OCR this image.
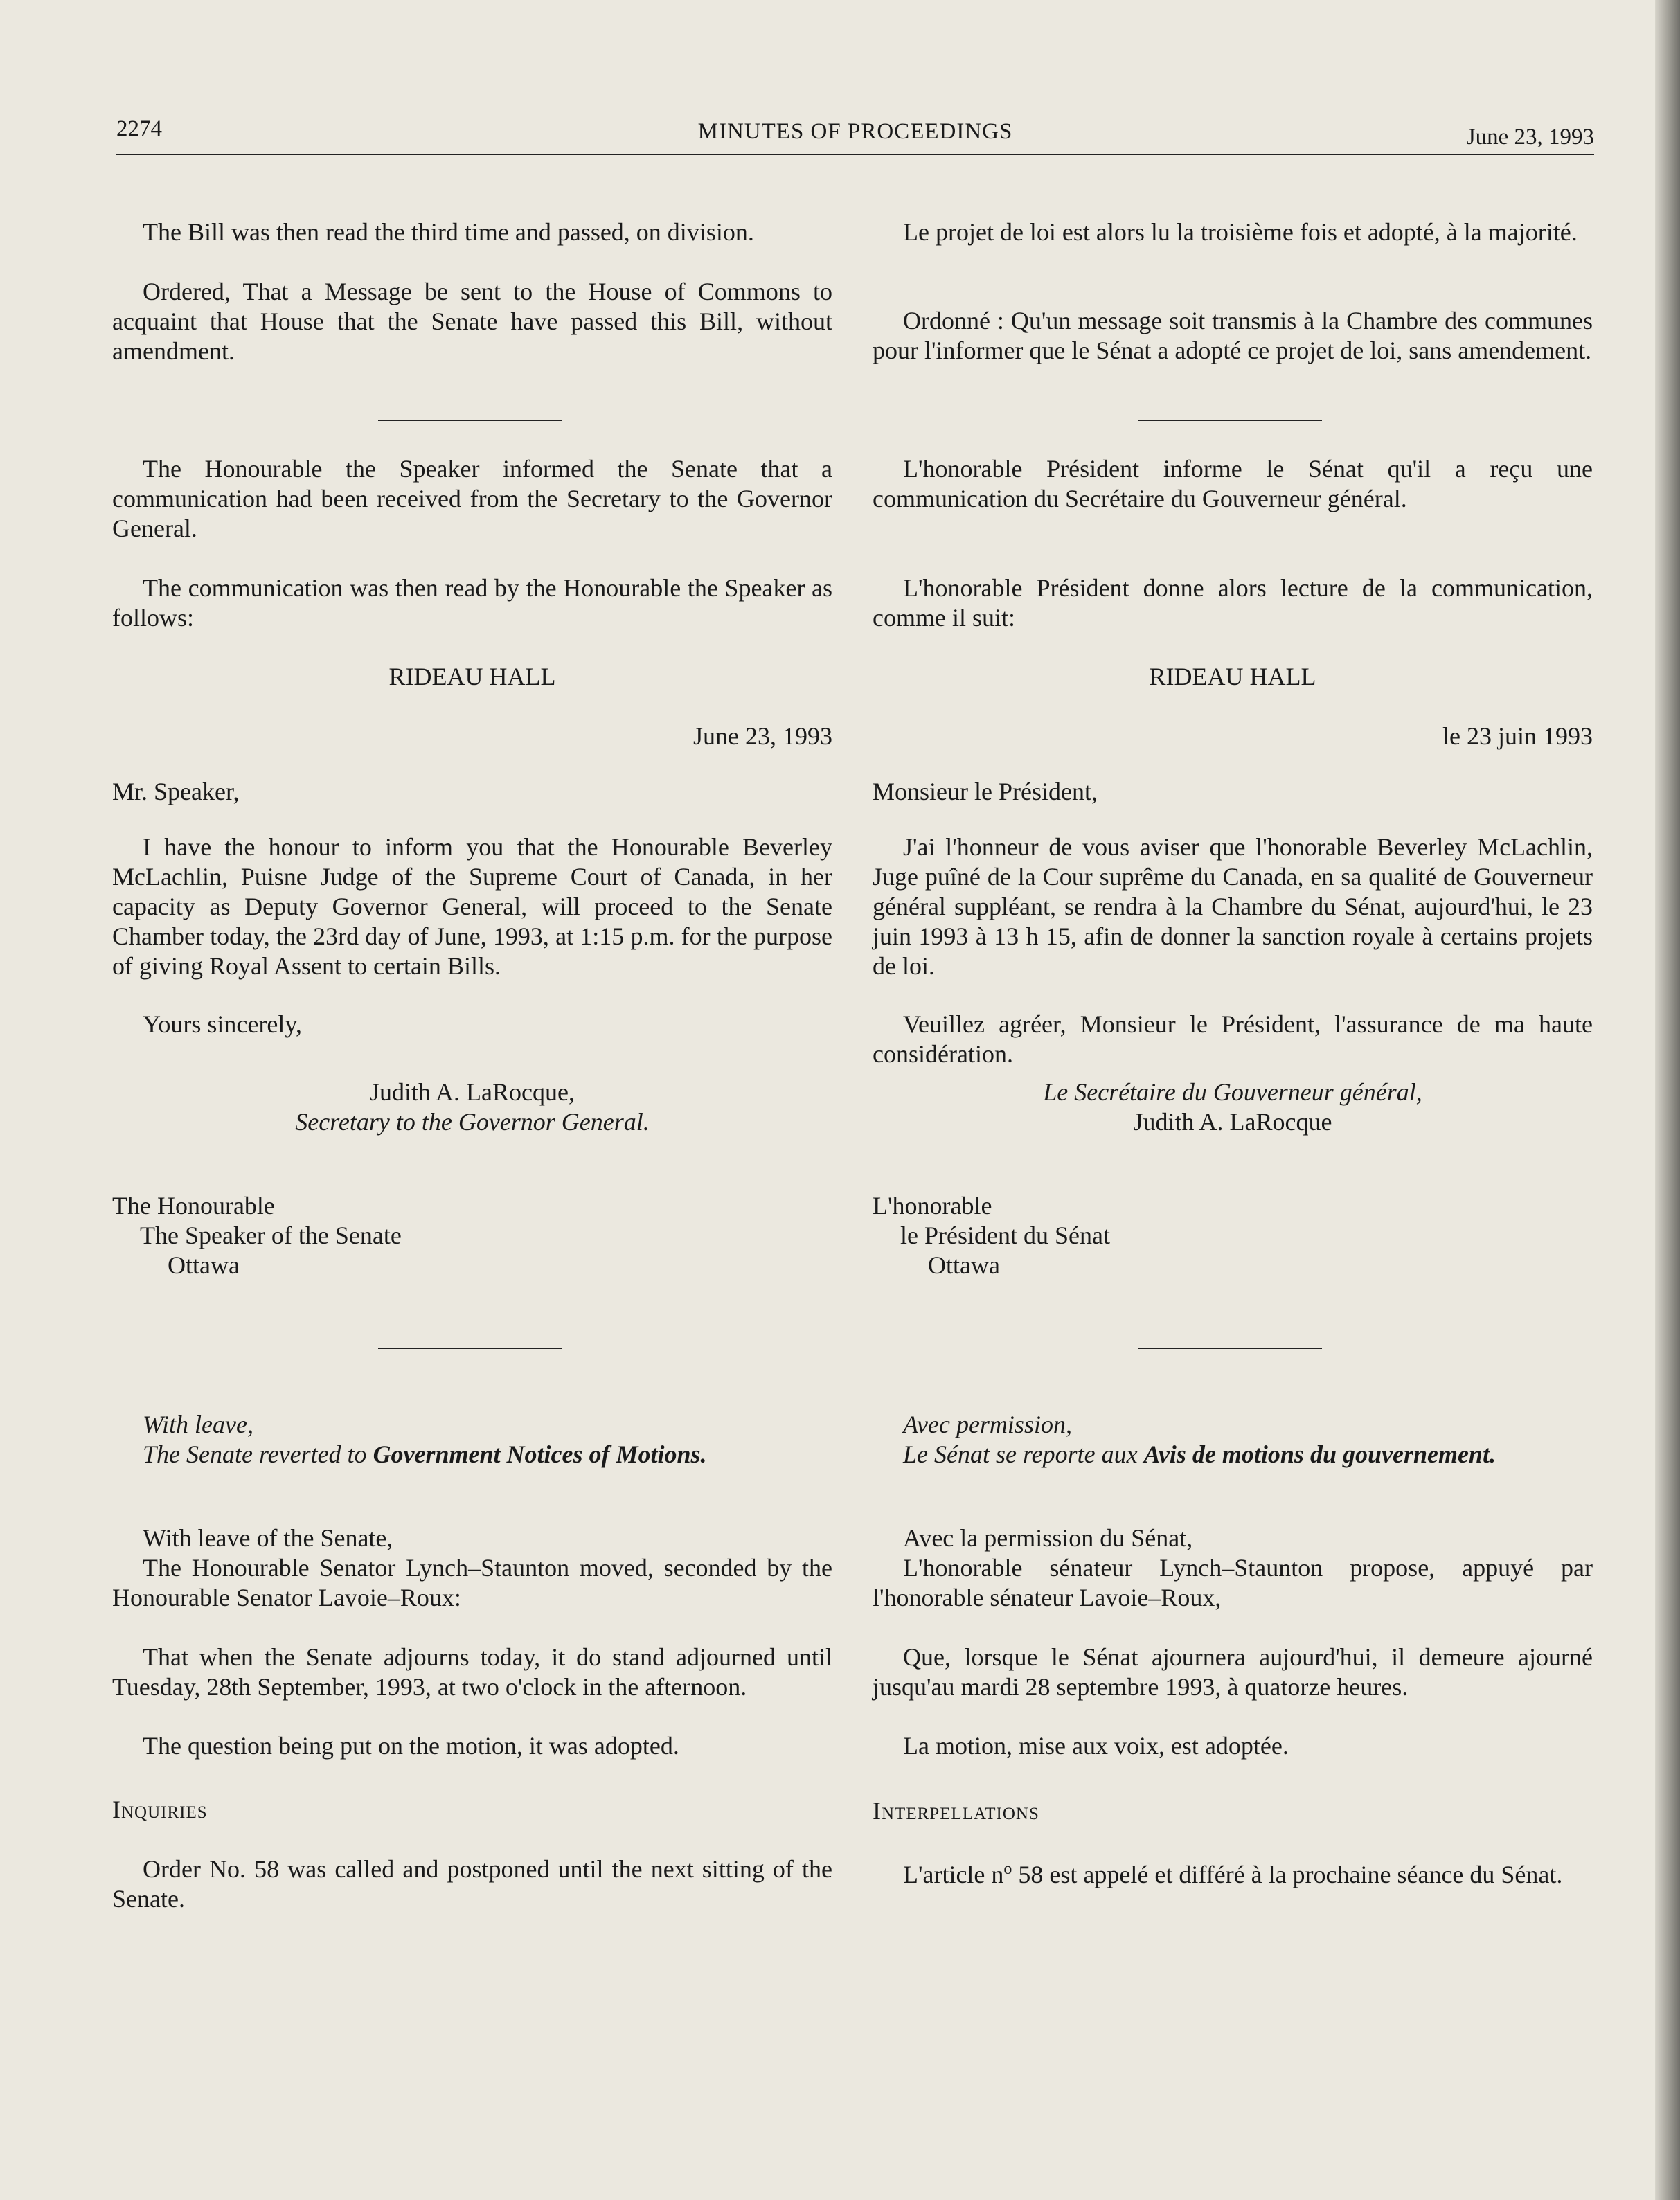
2274	MINUTES OF PROCEEDINGS	June 23, 1993

The Bill was then read the third time and passed, on division.

Ordered, That a Message be sent to the House of Commons to acquaint that House that the Senate have passed this Bill, without amendment.

The Honourable the Speaker informed the Senate that a communication had been received from the Secretary to the Governor General.

The communication was then read by the Honourable the Speaker as follows:

RIDEAU HALL

June 23, 1993

Mr. Speaker,

I have the honour to inform you that the Honourable Beverley McLachlin, Puisne Judge of the Supreme Court of Canada, in her capacity as Deputy Governor General, will proceed to the Senate Chamber today, the 23rd day of June, 1993, at 1:15 p.m. for the purpose of giving Royal Assent to certain Bills.

Yours sincerely,

Judith A. LaRocque,

Secretary to the Governor General.

The Honourable

The Speaker of the Senate

Ottawa

With leave,

The Senate reverted to Government Notices of Motions.

With leave of the Senate,

The Honourable Senator Lynch–Staunton moved, seconded by the Honourable Senator Lavoie–Roux:

That when the Senate adjourns today, it do stand adjourned until Tuesday, 28th September, 1993, at two o'clock in the afternoon.

The question being put on the motion, it was adopted.

Inquiries

Order No. 58 was called and postponed until the next sitting of the Senate.

Le projet de loi est alors lu la troisième fois et adopté, à la majorité.

Ordonné : Qu'un message soit transmis à la Chambre des communes pour l'informer que le Sénat a adopté ce projet de loi, sans amendement.

L'honorable Président informe le Sénat qu'il a reçu une communication du Secrétaire du Gouverneur général.

L'honorable Président donne alors lecture de la communication, comme il suit:

RIDEAU HALL

le 23 juin 1993

Monsieur le Président,

J'ai l'honneur de vous aviser que l'honorable Beverley McLachlin, Juge puîné de la Cour suprême du Canada, en sa qualité de Gouverneur général suppléant, se rendra à la Chambre du Sénat, aujourd'hui, le 23 juin 1993 à 13 h 15, afin de donner la sanction royale à certains projets de loi.

Veuillez agréer, Monsieur le Président, l'assurance de ma haute considération.

Le Secrétaire du Gouverneur général,

Judith A. LaRocque

L'honorable

le Président du Sénat

Ottawa

Avec permission,

Le Sénat se reporte aux Avis de motions du gouvernement.

Avec la permission du Sénat,

L'honorable sénateur Lynch–Staunton propose, appuyé par l'honorable sénateur Lavoie–Roux,

Que, lorsque le Sénat ajournera aujourd'hui, il demeure ajourné jusqu'au mardi 28 septembre 1993, à quatorze heures.

La motion, mise aux voix, est adoptée.

Interpellations

L'article $n^o$ 58 est appelé et différé à la prochaine séance du Sénat.
